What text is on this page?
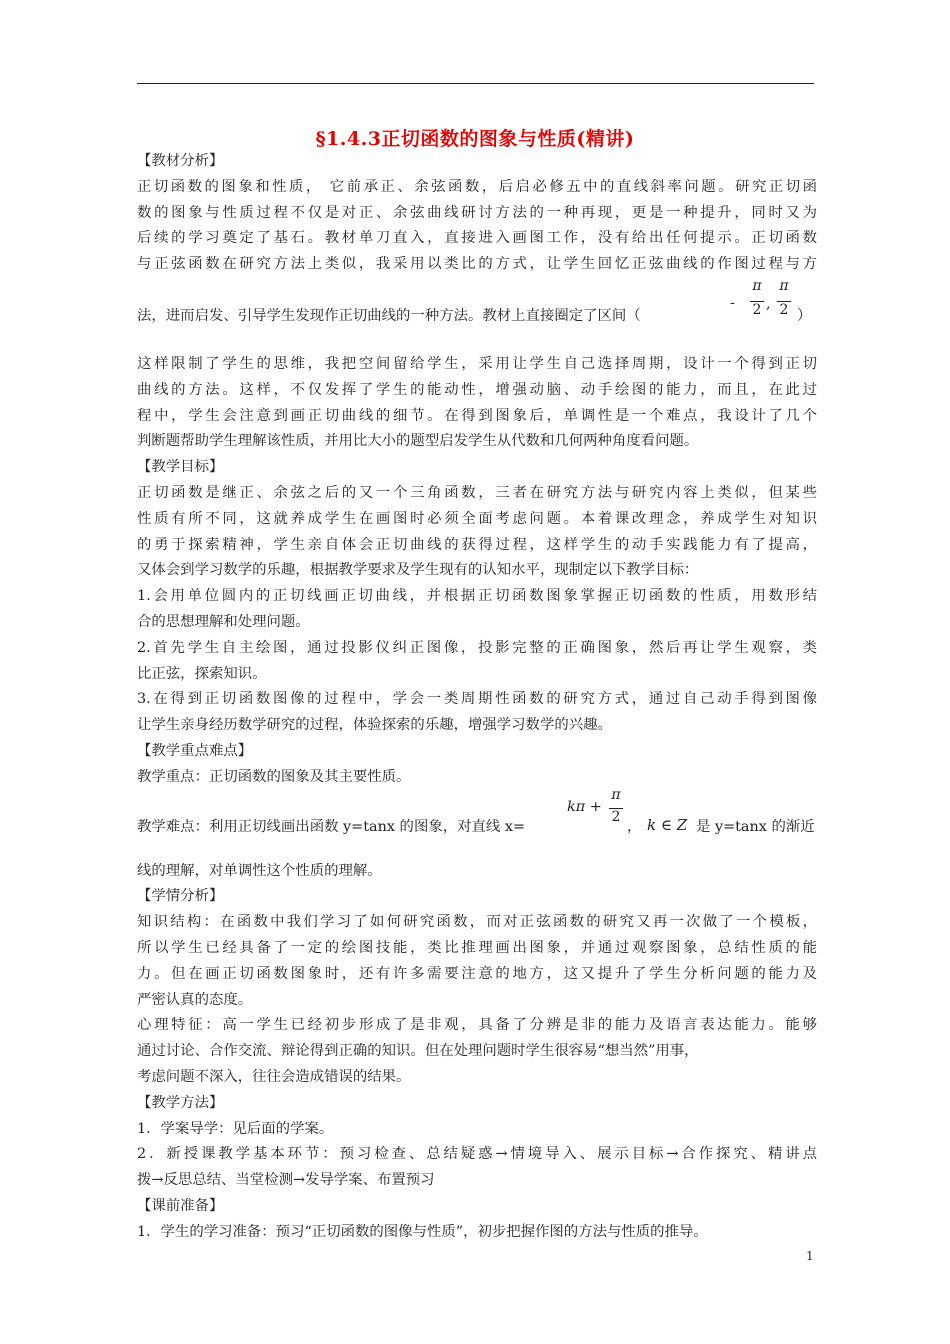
§1.4.3正切函数的图象与性质(精讲)
【教材分析】
正切函数的图象和性质， 它前承正、余弦函数，后启必修五中的直线斜率问题。研究正切函
数的图象与性质过程不仅是对正、余弦曲线研讨方法的一种再现，更是一种提升，同时又为
后续的学习奠定了基石。教材单刀直入，直接进入画图工作，没有给出任何提示。正切函数
与正弦函数在研究方法上类似，我采用以类比的方式，让学生回忆正弦曲线的作图过程与方
法，进而启发、引导学生发现作正切曲线的一种方法。教材上直接圈定了区间（
-
π
2 ,
π
2 ）
这样限制了学生的思维，我把空间留给学生，采用让学生自己选择周期，设计一个得到正切
曲线的方法。这样，不仅发挥了学生的能动性，增强动脑、动手绘图的能力，而且，在此过
程中，学生会注意到画正切曲线的细节。在得到图象后，单调性是一个难点，我设计了几个
判断题帮助学生理解该性质，并用比大小的题型启发学生从代数和几何两种角度看问题。
【教学目标】
正切函数是继正、余弦之后的又一个三角函数，三者在研究方法与研究内容上类似，但某些
性质有所不同，这就养成学生在画图时必须全面考虑问题。本着课改理念，养成学生对知识
的勇于探索精神，学生亲自体会正切曲线的获得过程，这样学生的动手实践能力有了提高，
又体会到学习数学的乐趣，根据教学要求及学生现有的认知水平，现制定以下教学目标：
1.会用单位圆内的正切线画正切曲线，并根据正切函数图象掌握正切函数的性质，用数形结
合的思想理解和处理问题。
2.首先学生自主绘图，通过投影仪纠正图像，投影完整的正确图象，然后再让学生观察，类
比正弦，探索知识。
3.在得到正切函数图像的过程中，学会一类周期性函数的研究方式，通过自己动手得到图像
让学生亲身经历数学研究的过程，体验探索的乐趣，增强学习数学的兴趣。
【教学重点难点】
教学重点：正切函数的图象及其主要性质。
教学难点：利用正切线画出函数 y=tanx 的图象，对直线 x=
kπ +
π
2
， k ∈ Z 是 y=tanx 的渐近
线的理解，对单调性这个性质的理解。
【学情分析】
知识结构：在函数中我们学习了如何研究函数，而对正弦函数的研究又再一次做了一个模板，
所以学生已经具备了一定的绘图技能，类比推理画出图象，并通过观察图象，总结性质的能
力。但在画正切函数图象时，还有许多需要注意的地方，这又提升了学生分析问题的能力及
严密认真的态度。
心理特征：高一学生已经初步形成了是非观，具备了分辨是非的能力及语言表达能力。能够
通过讨论、合作交流、辩论得到正确的知识。但在处理问题时学生很容易“想当然”用事，
考虑问题不深入，往往会造成错误的结果。
【教学方法】
1．学案导学：见后面的学案。
2．新授课教学基本环节：预习检查、总结疑惑→情境导入、展示目标→合作探究、精讲点
拨→反思总结、当堂检测→发导学案、布置预习
【课前准备】
1．学生的学习准备：预习“正切函数的图像与性质”，初步把握作图的方法与性质的推导。
1
